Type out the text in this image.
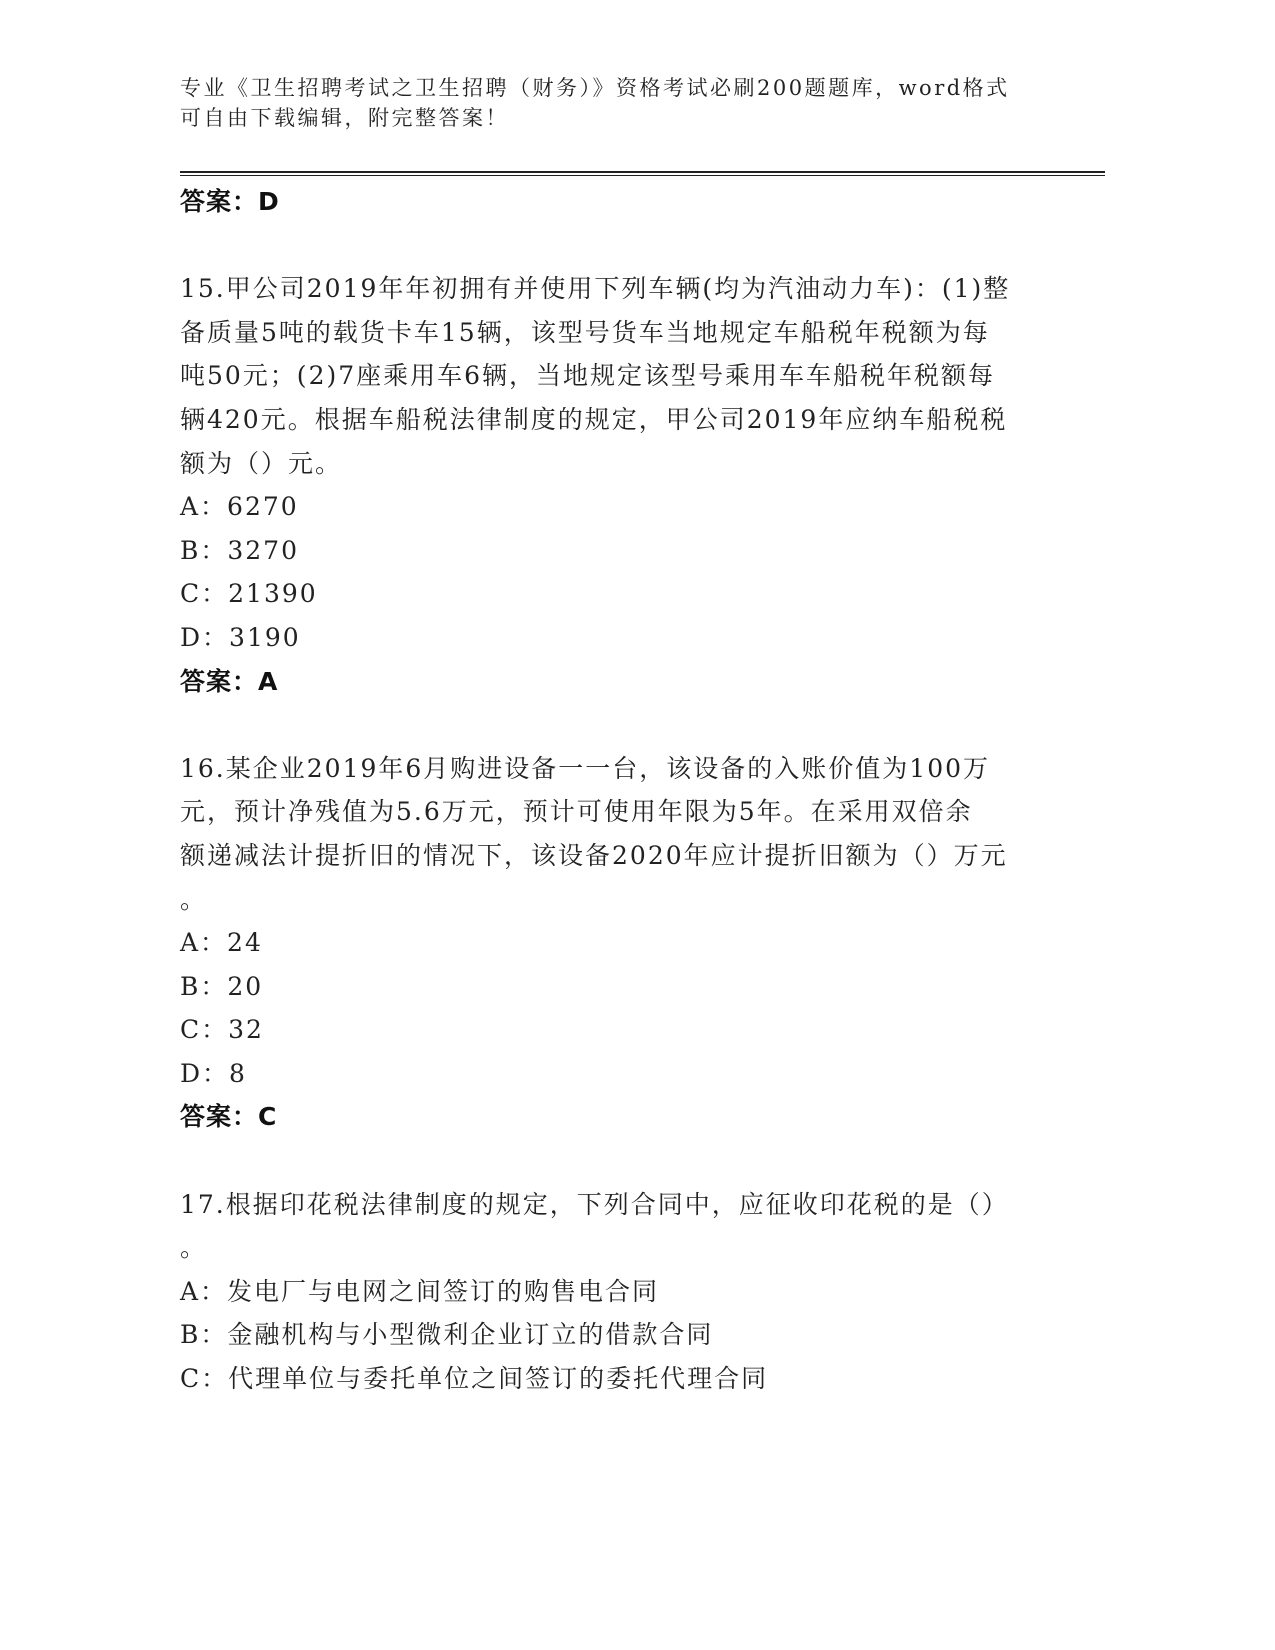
专业《卫生招聘考试之卫生招聘（财务）》资格考试必刷200题题库，word格式
可自由下载编辑，附完整答案！
答案：D
15.甲公司2019年年初拥有并使用下列车辆(均为汽油动力车)：(1)整
备质量5吨的载货卡车15辆，该型号货车当地规定车船税年税额为每
吨50元；(2)7座乘用车6辆，当地规定该型号乘用车车船税年税额每
辆420元。根据车船税法律制度的规定，甲公司2019年应纳车船税税
额为（）元。
A：6270
B：3270
C：21390
D：3190
答案：A
16.某企业2019年6月购进设备一一台，该设备的入账价值为100万
元，预计净残值为5.6万元，预计可使用年限为5年。在采用双倍余
额递减法计提折旧的情况下，该设备2020年应计提折旧额为（）万元
。
A：24
B：20
C：32
D：8
答案：C
17.根据印花税法律制度的规定，下列合同中，应征收印花税的是（）
。
A：发电厂与电网之间签订的购售电合同
B：金融机构与小型微利企业订立的借款合同
C：代理单位与委托单位之间签订的委托代理合同
